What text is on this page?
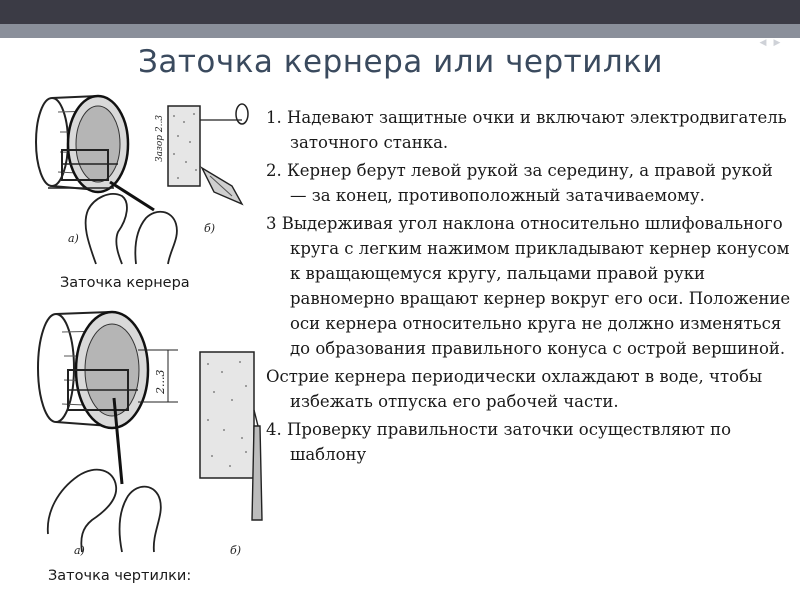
◀ ▶
Заточка кернера или чертилки
а)
Зазор 2..3
б)
Заточка кернера
2...3
а)	б)
Заточка чертилки:

1. Надевают защитные очки и включают электродвигатель заточного станка.

2. Кернер берут левой рукой за середину, а правой рукой — за конец, противоположный затачиваемому.

3 Выдерживая угол наклона относительно шлифовального круга с легким нажимом прикладывают кернер конусом к вращающемуся кругу, пальцами правой руки равномерно вращают кернер вокруг его оси. Положение оси кернера относительно круга не должно изменяться до образования правильного конуса с острой вершиной.

Острие кернера периодически охлаждают в воде, чтобы избежать отпуска его рабочей части.

4. Проверку правильности заточки осуществляют по шаблону
